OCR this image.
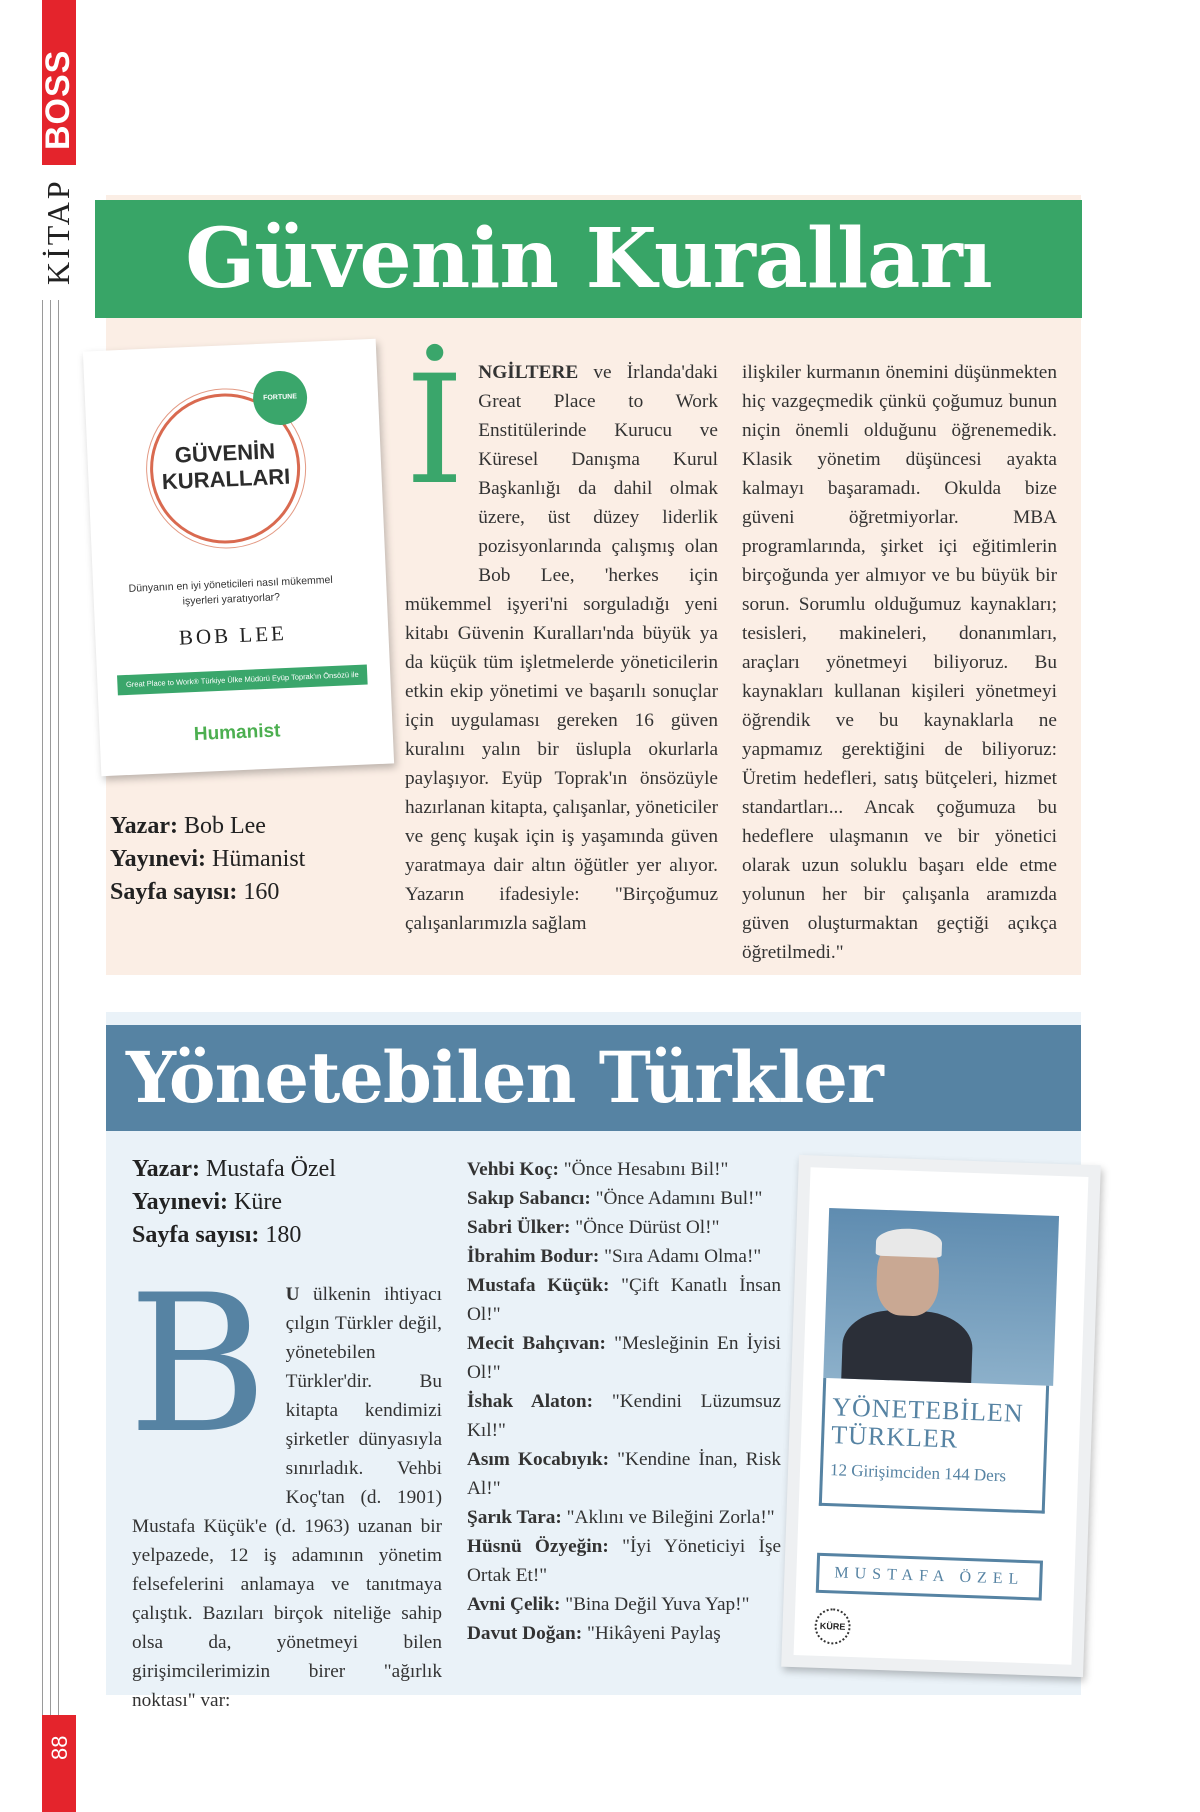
BOSS
KİTAP
88
Güvenin Kuralları
FORTUNE
GÜVENİN
KURALLARI
Dünyanın en iyi yöneticileri nasıl mükemmel işyerleri yaratıyorlar?
BOB LEE
Great Place to Work® Türkiye Ülke Müdürü Eyüp Toprak'ın Önsözü ile
Humanist
Yazar: Bob Lee
Yayınevi: Hümanist
Sayfa sayısı: 160
İ NGİLTERE ve İrlanda'daki Great Place to Work Enstitülerinde Kurucu ve Küresel Danışma Kurul Başkanlığı da dahil olmak üzere, üst düzey liderlik pozisyonlarında çalışmış olan Bob Lee, 'herkes için mükemmel işyeri'ni sorguladığı yeni kitabı Güvenin Kuralları'nda büyük ya da küçük tüm işletmelerde yöneticilerin etkin ekip yönetimi ve başarılı sonuçlar için uygulaması gereken 16 güven kuralını yalın bir üslupla okurlarla paylaşıyor. Eyüp Toprak'ın önsözüyle hazırlanan kitapta, çalışanlar, yöneticiler ve genç kuşak için iş yaşamında güven yaratmaya dair altın öğütler yer alıyor. Yazarın ifadesiyle: "Birçoğumuz çalışanlarımızla sağlam

ilişkiler kurmanın önemini düşünmekten hiç vazgeçmedik çünkü çoğumuz bunun niçin önemli olduğunu öğrenemedik. Klasik yönetim düşüncesi ayakta kalmayı başaramadı. Okulda bize güveni öğretmiyorlar. MBA programlarında, şirket içi eğitimlerin birçoğunda yer almıyor ve bu büyük bir sorun. Sorumlu olduğumuz kaynakları; tesisleri, makineleri, donanımları, araçları yönetmeyi biliyoruz. Bu kaynakları kullanan kişileri yönetmeyi öğrendik ve bu kaynaklarla ne yapmamız gerektiğini de biliyoruz: Üretim hedefleri, satış bütçeleri, hizmet standartları... Ancak çoğumuza bu hedeflere ulaşmanın ve bir yönetici olarak uzun soluklu başarı elde etme yolunun her bir çalışanla aramızda güven oluşturmaktan geçtiği açıkça öğretilmedi."

Yönetebilen Türkler
Yazar: Mustafa Özel
Yayınevi: Küre
Sayfa sayısı: 180
B U ülkenin ihtiyacı çılgın Türkler değil, yönetebilen Türkler'dir. Bu kitapta kendimizi şirketler dünyasıyla sınırladık. Vehbi Koç'tan (d. 1901) Mustafa Küçük'e (d. 1963) uzanan bir yelpazede, 12 iş adamının yönetim felsefelerini anlamaya ve tanıtmaya çalıştık. Bazıları birçok niteliğe sahip olsa da, yönetmeyi bilen girişimcilerimizin birer "ağırlık noktası" var:

Vehbi Koç: "Önce Hesabını Bil!"

Sakıp Sabancı: "Önce Adamını Bul!"

Sabri Ülker: "Önce Dürüst Ol!"

İbrahim Bodur: "Sıra Adamı Olma!"

Mustafa Küçük: "Çift Kanatlı İnsan Ol!"

Mecit Bahçıvan: "Mesleğinin En İyisi Ol!"

İshak Alaton: "Kendini Lüzumsuz Kıl!"

Asım Kocabıyık: "Kendine İnan, Risk Al!"

Şarık Tara: "Aklını ve Bileğini Zorla!"

Hüsnü Özyeğin: "İyi Yöneticiyi İşe Ortak Et!"

Avni Çelik: "Bina Değil Yuva Yap!"

Davut Doğan: "Hikâyeni Paylaş

YÖNETEBİLEN
TÜRKLER
12 Girişimciden 144 Ders
MUSTAFA ÖZEL
KÜRE
